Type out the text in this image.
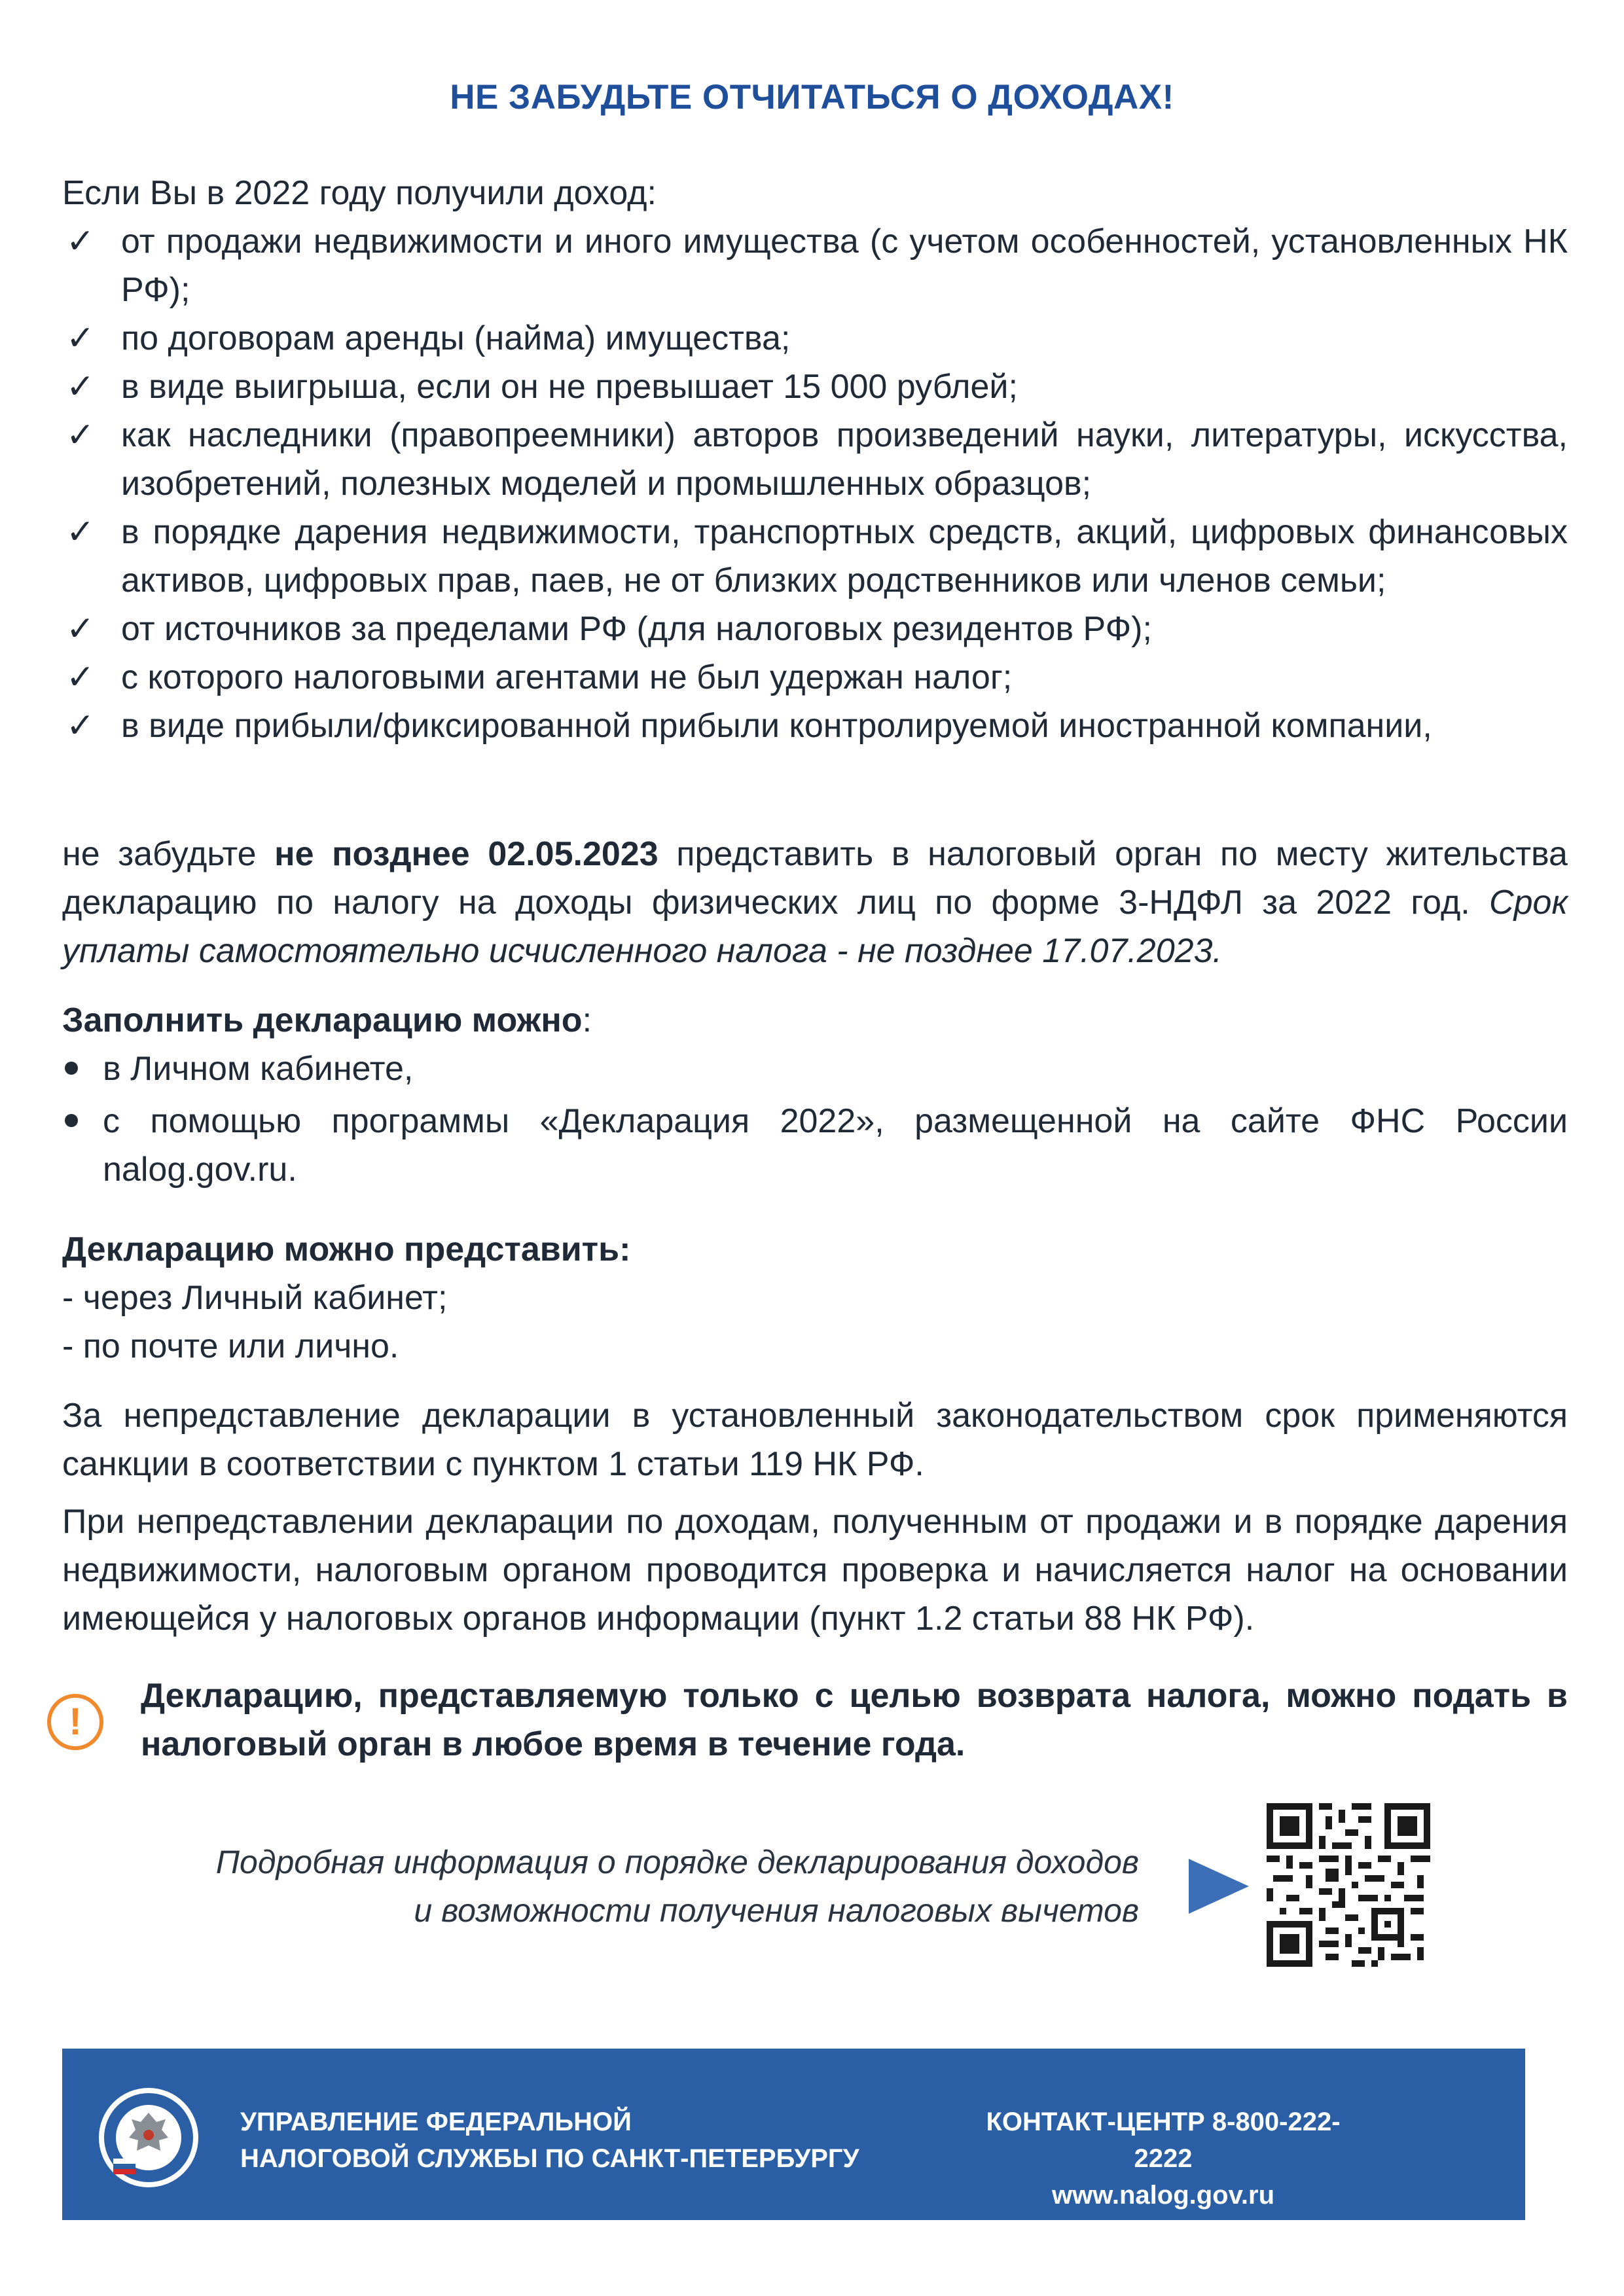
НЕ ЗАБУДЬТЕ ОТЧИТАТЬСЯ О ДОХОДАХ!
Если Вы в 2022 году получили доход:
✓ от продажи недвижимости и иного имущества (с учетом особенностей, установленных НК РФ);
✓ по договорам аренды (найма) имущества;
✓ в виде выигрыша, если он не превышает 15 000 рублей;
✓ как наследники (правопреемники) авторов произведений науки, литературы, искусства, изобретений, полезных моделей и промышленных образцов;
✓ в порядке дарения недвижимости, транспортных средств, акций, цифровых финансовых активов, цифровых прав, паев, не от близких родственников или членов семьи;
✓ от источников за пределами РФ (для налоговых резидентов РФ);
✓ с которого налоговыми агентами не был удержан налог;
✓ в виде прибыли/фиксированной прибыли контролируемой иностранной компании,
не забудьте не позднее 02.05.2023 представить в налоговый орган по месту жительства декларацию по налогу на доходы физических лиц по форме 3-НДФЛ за 2022 год. Срок уплаты самостоятельно исчисленного налога - не позднее 17.07.2023.
Заполнить декларацию можно:
в Личном кабинете,
с помощью программы «Декларация 2022», размещенной на сайте ФНС России nalog.gov.ru.
Декларацию можно представить:
- через Личный кабинет;
- по почте или лично.
За непредставление декларации в установленный законодательством срок применяются санкции в соответствии с пунктом 1 статьи 119 НК РФ.
При непредставлении декларации по доходам, полученным от продажи и в порядке дарения недвижимости, налоговым органом проводится проверка и начисляется налог на основании имеющейся у налоговых органов информации (пункт 1.2 статьи 88 НК РФ).
!
Декларацию, представляемую только с целью возврата налога, можно подать в налоговый орган в любое время в течение года.
Подробная информация о порядке декларирования доходов
и возможности получения налоговых вычетов
УПРАВЛЕНИЕ ФЕДЕРАЛЬНОЙ
НАЛОГОВОЙ СЛУЖБЫ ПО САНКТ-ПЕТЕРБУРГУ
КОНТАКТ-ЦЕНТР 8-800-222-2222
www.nalog.gov.ru
